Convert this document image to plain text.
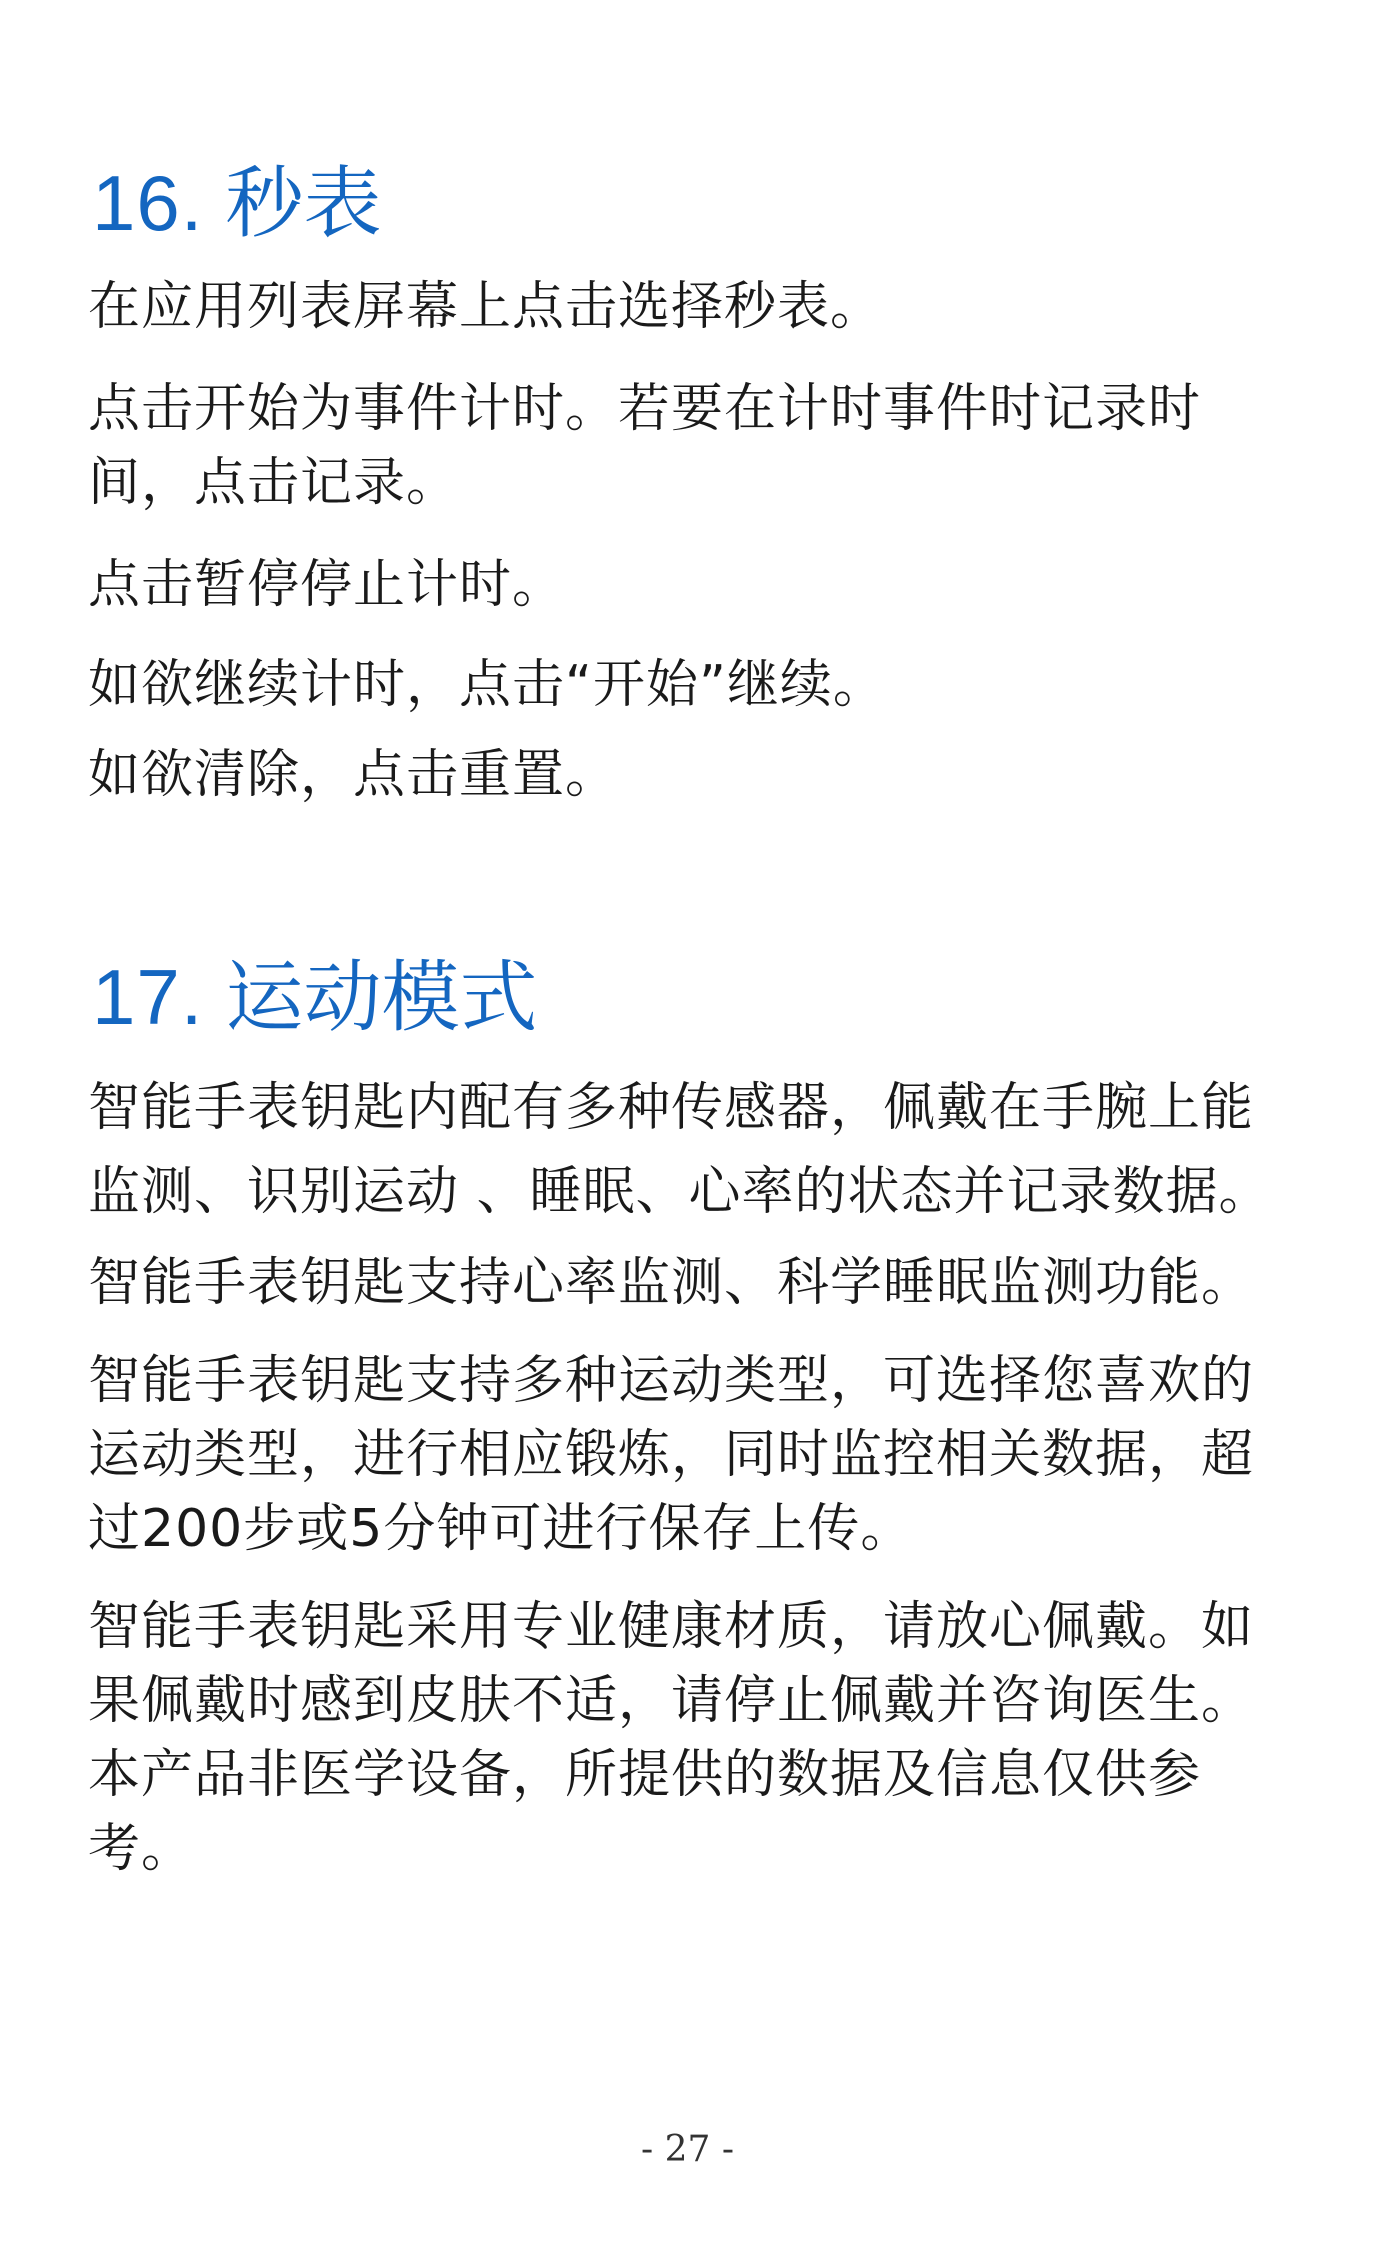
16. 秒表

在应用列表屏幕上点击选择秒表。

点击开始为事件计时。若要在计时事件时记录时间，点击记录。

点击暂停停止计时。

如欲继续计时，点击“开始”继续。

如欲清除，点击重置。

17. 运动模式

智能手表钥匙内配有多种传感器，佩戴在手腕上能监测、识别运动 、睡眠、心率的状态并记录数据。

智能手表钥匙支持心率监测、科学睡眠监测功能。

智能手表钥匙支持多种运动类型，可选择您喜欢的运动类型，进行相应锻炼，同时监控相关数据，超过200步或5分钟可进行保存上传。

智能手表钥匙采用专业健康材质，请放心佩戴。如果佩戴时感到皮肤不适，请停止佩戴并咨询医生。本产品非医学设备，所提供的数据及信息仅供参考。

- 27 -
